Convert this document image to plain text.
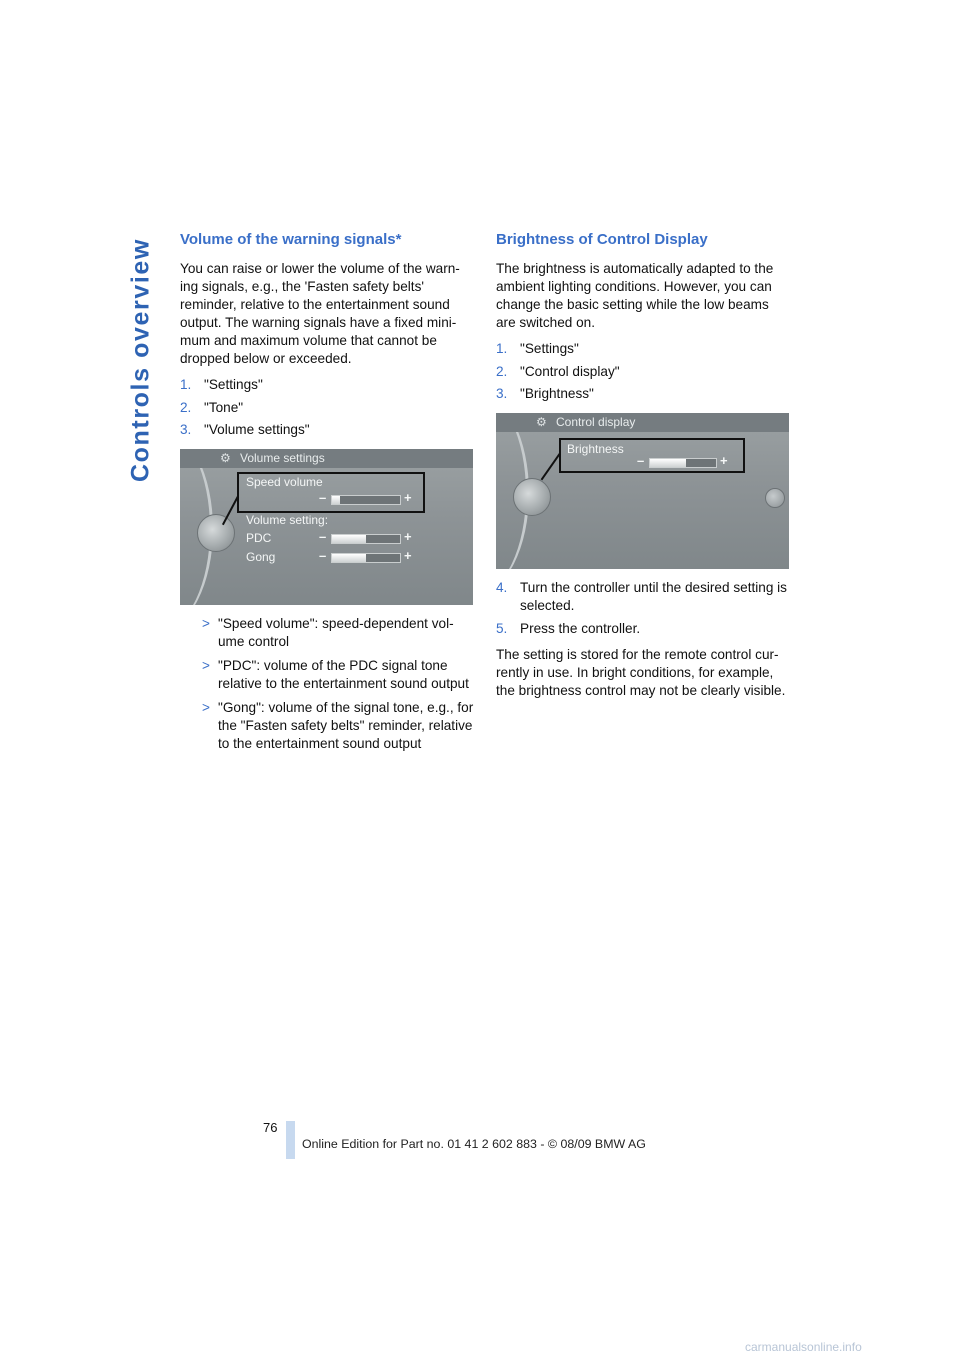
Controls overview Volume of the warning signals*

You can raise or lower the volume of the warn-ing signals, e.g., the 'Fasten safety belts' reminder, relative to the entertainment sound output. The warning signals have a fixed mini-mum and maximum volume that cannot be dropped below or exceeded.

1. "Settings"
2. "Tone"
3. "Volume settings"
⚙ Volume settings
Speed volume
–	+
Volume setting:
PDC	–	+
Gong	–	+
> "Speed volume": speed-dependent vol-ume control
> "PDC": volume of the PDC signal tone relative to the entertainment sound output
> "Gong": volume of the signal tone, e.g., for the "Fasten safety belts" reminder, relative to the entertainment sound output
Brightness of Control Display

The brightness is automatically adapted to the ambient lighting conditions. However, you can change the basic setting while the low beams are switched on.

1. "Settings"
2. "Control display"
3. "Brightness"
⚙ Control display
Brightness
–	+
4. Turn the controller until the desired setting is selected.
5. Press the controller.

The setting is stored for the remote control cur-rently in use. In bright conditions, for example, the brightness control may not be clearly visible.

76
Online Edition for Part no. 01 41 2 602 883 - © 08/09 BMW AG
carmanualsonline.info
